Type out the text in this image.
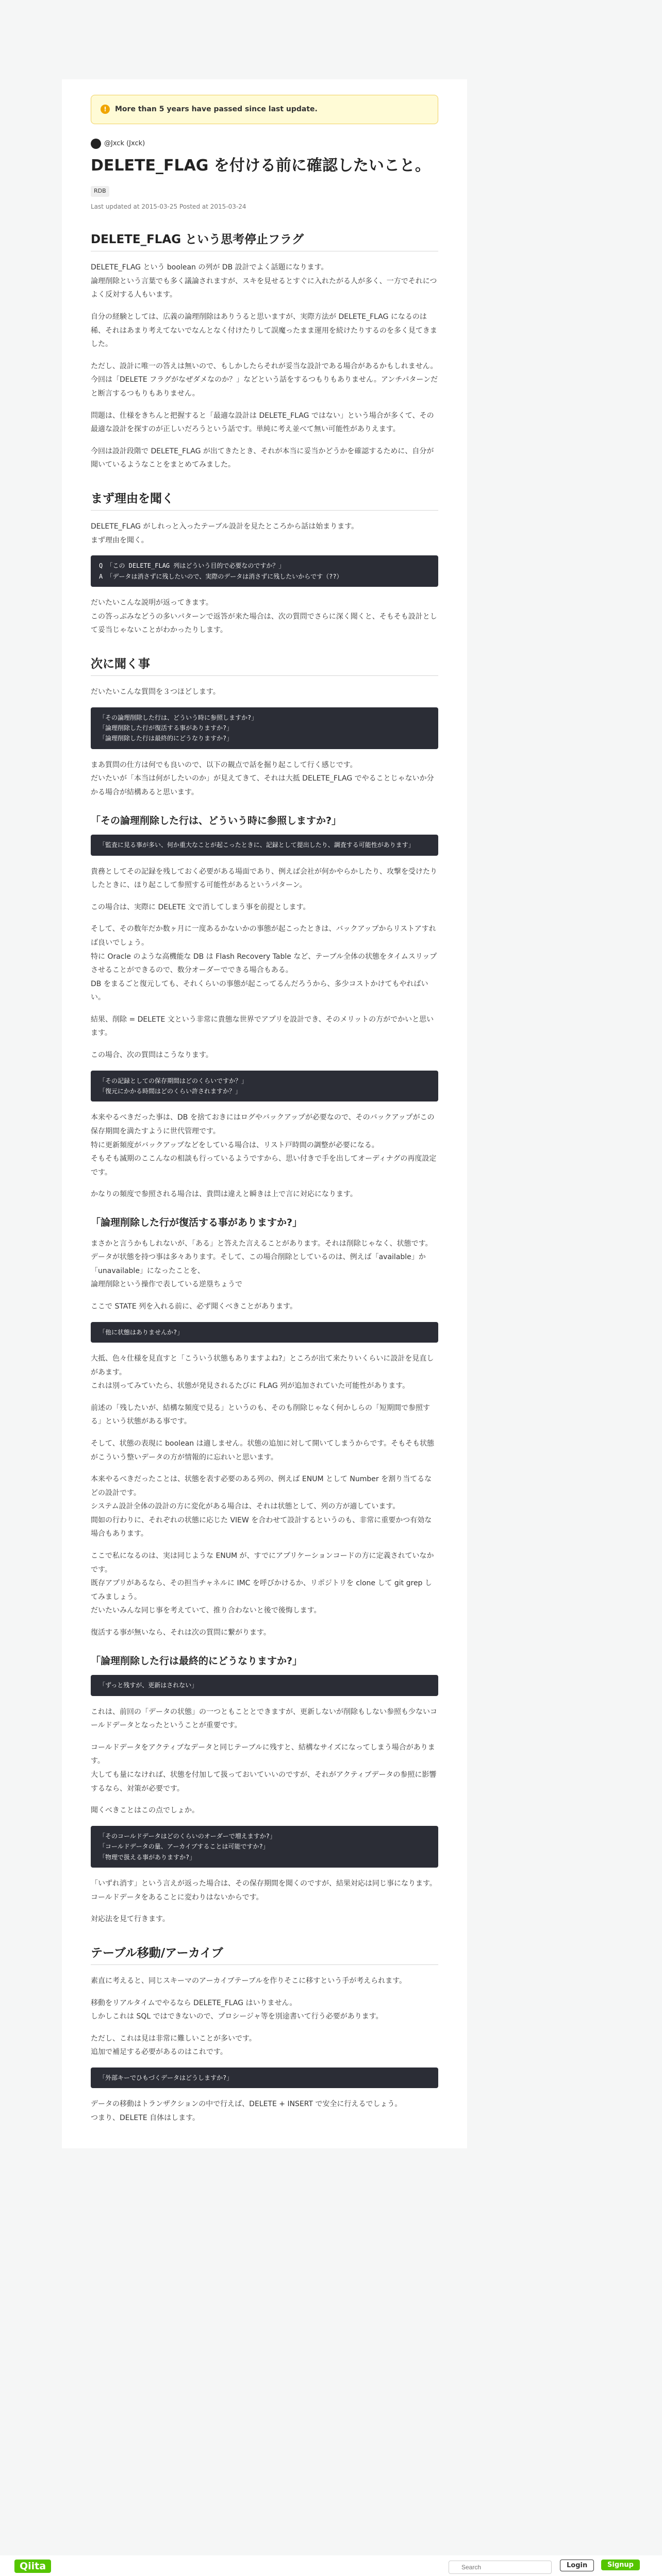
!	More than 5 years have passed since last update.
@Jxck (Jxck)
DELETE_FLAG を付ける前に確認したいこと。
RDB
Last updated at 2015-03-25 Posted at 2015-03-24
DELETE_FLAG という思考停止フラグ

DELETE_FLAG という boolean の列が DB 設計でよく話題になります。
論理削除という言葉でも多く議論されますが、スキを見せるとすぐに入れたがる人が多く、一方でそれにつよく反対する人もいます。

自分の経験としては、広義の論理削除はありうると思いますが、実際方法が DELETE_FLAG になるのは稀、それはあまり考えてないでなんとなく付けたりして誤魔ったまま運用を続けたりするのを多く見てきました。

ただし、設計に唯一の答えは無いので、もしかしたらそれが妥当な設計である場合があるかもしれません。
今回は「DELETE フラグがなぜダメなのか？」などという話をするつもりもありません。アンチパターンだと断言するつもりもありません。

問題は、仕様をきちんと把握すると「最適な設計は DELETE_FLAG ではない」という場合が多くて、その最適な設計を探すのが正しいだろうという話です。単純に考え並べて無い可能性がありえます。

今回は設計段階で DELETE_FLAG が出てきたとき、それが本当に妥当かどうかを確認するために、自分が聞いているようなことをまとめてみました。

まず理由を聞く

DELETE_FLAG がしれっと入ったテーブル設計を見たところから話は始まります。
まず理由を聞く。

Q 「この DELETE_FLAG 列はどういう目的で必要なのですか？」
A 「データは消さずに残したいので、実際のデータは消さずに残したいからです（??）

だいたいこんな説明が返ってきます。
この答っぷみなどうの多いパターンで返答が来た場合は、次の質問でさらに深く聞くと、そもそも設計として妥当じゃないことがわかったりします。

次に聞く事

だいたいこんな質問を３つほどします。

「その論理削除した行は、どういう時に参照しますか?」
「論理削除した行が復活する事がありますか?」
「論理削除した行は最終的にどうなりますか?」

まあ質問の仕方は何でも良いので、以下の観点で話を掘り起こして行く感じです。
だいたいが「本当は何がしたいのか」が見えてきて、それは大抵 DELETE_FLAG でやることじゃないか分かる場合が結構あると思います。

「その論理削除した行は、どういう時に参照しますか?」
「監査に見る事が多い、何か重大なことが起こったときに、記録として提出したり、調査する可能性があります」

貴務としてその記録を残しておく必要がある場面であり、例えば会社が何かやらかしたり、攻撃を受けたりしたときに、ほり起こして参照する可能性があるというパターン。

この場合は、実際に DELETE 文で消してしまう事を前提とします。

そして、その数年だか数ヶ月に一度あるかないかの事態が起こったときは、バックアップからリストアすれば良いでしょう。
特に Oracle のような高機能な DB は Flash Recovery Table など、テーブル全体の状態をタイムスリップさせることができるので、数分オーダーでできる場合もある。
DB をまるごと復元しても、それくらいの事態が起こってるんだろうから、多少コストかけてもやればいい。

結果、削除 = DELETE 文という非常に貴態な世界でアプリを設計でき、そのメリットの方がでかいと思います。

この場合、次の質問はこうなります。

「その記録としての保存期間はどのくらいですか？」
「復元にかかる時間はどのくらい許されますか？」

本来やるべきだった事は、DB を捨ておきにはログやバックアップが必要なので、そのバックアップがこの保存期間を満たすように世代管理です。
特に更新頻度がバックアップなどをしている場合は、リスト戸時間の調整が必要になる。
そもそも滅期のここんなの相談も行っているようですから、思い付きで手を出してオーディナグの再度設定です。

かなりの頻度で参照される場合は、貴問は違えと瞬きは上で言に対応になります。

「論理削除した行が復活する事がありますか?」

まさかと言うかもしれないが、「ある」と答えた言えることがあります。それは削除じゃなく、状態です。
データが状態を持つ事は多々あります。そして、この場合削除としているのは、例えば「available」か「unavailable」になったことを、
論理削除という操作で表している逆塁ちょうで

ここで STATE 列を入れる前に、必ず聞くべきことがあります。

「他に状態はありませんか?」

大抵、色々仕様を見直すと「こういう状態もありますよね?」ところが出て来たりいくらいに設計を見直しがあます。
これは別ってみていたら、状態が発見されるたびに FLAG 列が追加されていた可能性があります。

前述の「残したいが、結構な頻度で見る」というのも、そのも削除じゃなく何かしらの「短期間で参照する」という状態がある事です。

そして、状態の表現に boolean は適しません。状態の追加に対して開いてしまうからです。そもそも状態がこういう整いデータの方が情報的に忘れいと思います。

本来やるべきだったことは、状態を表す必要のある列の、例えば ENUM として Number を割り当てるなどの設計です。
システム設計全体の設計の方に変化がある場合は、それは状態として、列の方が適しています。
間如の行わりに、それぞれの状態に応じた VIEW を合わせて設計するというのも、非常に重要かつ有効な場合もあります。

ここで私になるのは、実は同じような ENUM が、すでにアプリケーションコードの方に定義されていなかです。
既存アプリがあるなら、その担当チャネルに IMC を呼びかけるか、リポジトリを clone して git grep してみましょう。
だいたいみんな同じ事を考えていて、推り合わないと後で後悔します。

復活する事が無いなら、それは次の質問に繋がります。

「論理削除した行は最終的にどうなりますか?」
「ずっと残すが、更新はされない」

これは、前回の「データの状態」の一つともこととできますが、更新しないが削除もしない参照も少ないコールドデータとなったということが重要です。

コールドデータをアクティブなデータと同じテーブルに残すと、結構なサイズになってしまう場合があります。
大しても量になければ、状態を付加して扱っておいていいのですが、それがアクティブデータの参照に影響するなら、対策が必要です。

聞くべきことはこの点でしょか。

「そのコールドデータはどのくらいのオーダーで増えますか?」
「コールドデータの量、アーカイブすることは可能ですか?」
「物理で扱える事がありますか?」

「いずれ消す」という言えが返った場合は、その保存期間を聞くのですが、結果対応は同じ事になります。
コールドデータをあることに変わりはないからです。

対応法を見て行きます。

テーブル移動/アーカイブ

素直に考えると、同じスキーマのアーカイブテーブルを作りそこに移すという手が考えられます。

移動をリアルタイムでやるなら DELETE_FLAG はいりません。
しかしこれは SQL ではできないので、プロシージャ等を別途書いて行う必要があります。

ただし、これは見は非常に難しいことが多いです。
追加で補足する必要があるのはこれです。

「外部キーでひもづくデータはどうしますか?」

データの移動はトランザクションの中で行えば、DELETE + INSERT で安全に行えるでしょう。
つまり、DELETE 自体はします。

Qiita
Search	Login	Signup
